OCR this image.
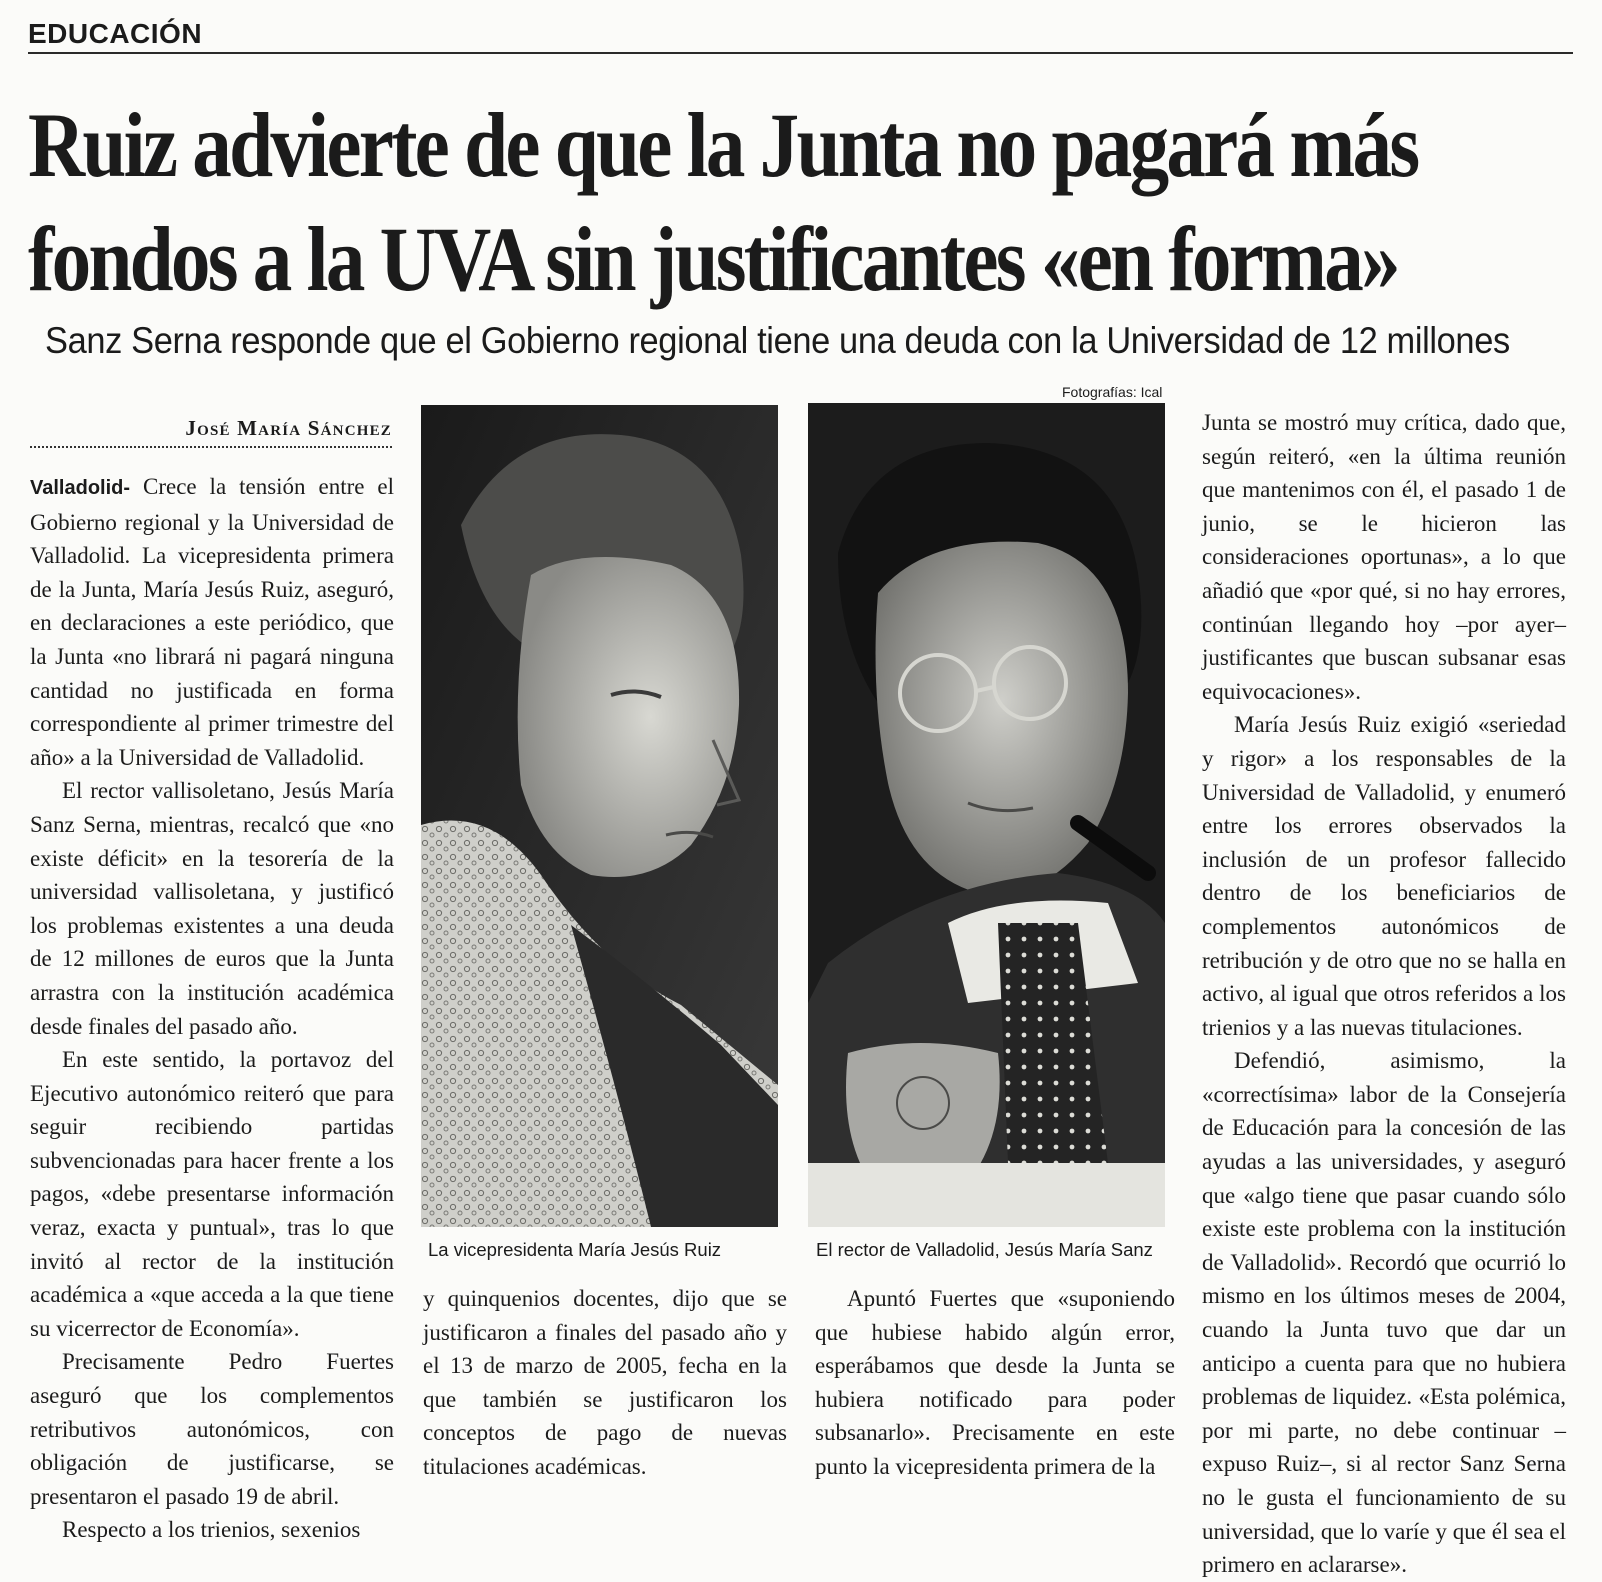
EDUCACIÓN
Ruiz advierte de que la Junta no pagará más
fondos a la UVA sin justificantes «en forma»
Sanz Serna responde que el Gobierno regional tiene una deuda con la Universidad de 12 millones
Fotografías: Ical
José María Sánchez

Valladolid- Crece la tensión entre el Gobierno regional y la Universidad de Valladolid. La vicepresidenta primera de la Junta, María Jesús Ruiz, aseguró, en declaraciones a este periódico, que la Junta «no librará ni pagará ninguna cantidad no justificada en forma correspondiente al primer trimestre del año» a la Universidad de Valladolid.

El rector vallisoletano, Jesús María Sanz Serna, mientras, recalcó que «no existe déficit» en la tesorería de la universidad vallisoletana, y justificó los problemas existentes a una deuda de 12 millones de euros que la Junta arrastra con la institución académica desde finales del pasado año.

En este sentido, la portavoz del Ejecutivo autonómico reiteró que para seguir recibiendo partidas subvencionadas para hacer frente a los pagos, «debe presentarse información veraz, exacta y puntual», tras lo que invitó al rector de la institución académica a «que acceda a la que tiene su vicerrector de Economía».

Precisamente Pedro Fuertes aseguró que los complementos retributivos autonómicos, con obligación de justificarse, se presentaron el pasado 19 de abril.

Respecto a los trienios, sexenios

La vicepresidenta María Jesús Ruiz	El rector de Valladolid, Jesús María Sanz

y quinquenios docentes, dijo que se justificaron a finales del pasado año y el 13 de marzo de 2005, fecha en la que también se justificaron los conceptos de pago de nuevas titulaciones académicas.

Apuntó Fuertes que «suponiendo que hubiese habido algún error, esperábamos que desde la Junta se hubiera notificado para poder subsanarlo». Precisamente en este punto la vicepresidenta primera de la

Junta se mostró muy crítica, dado que, según reiteró, «en la última reunión que mantenimos con él, el pasado 1 de junio, se le hicieron las consideraciones oportunas», a lo que añadió que «por qué, si no hay errores, continúan llegando hoy –por ayer– justificantes que buscan subsanar esas equivocaciones».

María Jesús Ruiz exigió «seriedad y rigor» a los responsables de la Universidad de Valladolid, y enumeró entre los errores observados la inclusión de un profesor fallecido dentro de los beneficiarios de complementos autonómicos de retribución y de otro que no se halla en activo, al igual que otros referidos a los trienios y a las nuevas titulaciones.

Defendió, asimismo, la «correctísima» labor de la Consejería de Educación para la concesión de las ayudas a las universidades, y aseguró que «algo tiene que pasar cuando sólo existe este problema con la institución de Valladolid». Recordó que ocurrió lo mismo en los últimos meses de 2004, cuando la Junta tuvo que dar un anticipo a cuenta para que no hubiera problemas de liquidez. «Esta polémica, por mi parte, no debe continuar –expuso Ruiz–, si al rector Sanz Serna no le gusta el funcionamiento de su universidad, que lo varíe y que él sea el primero en aclararse».
